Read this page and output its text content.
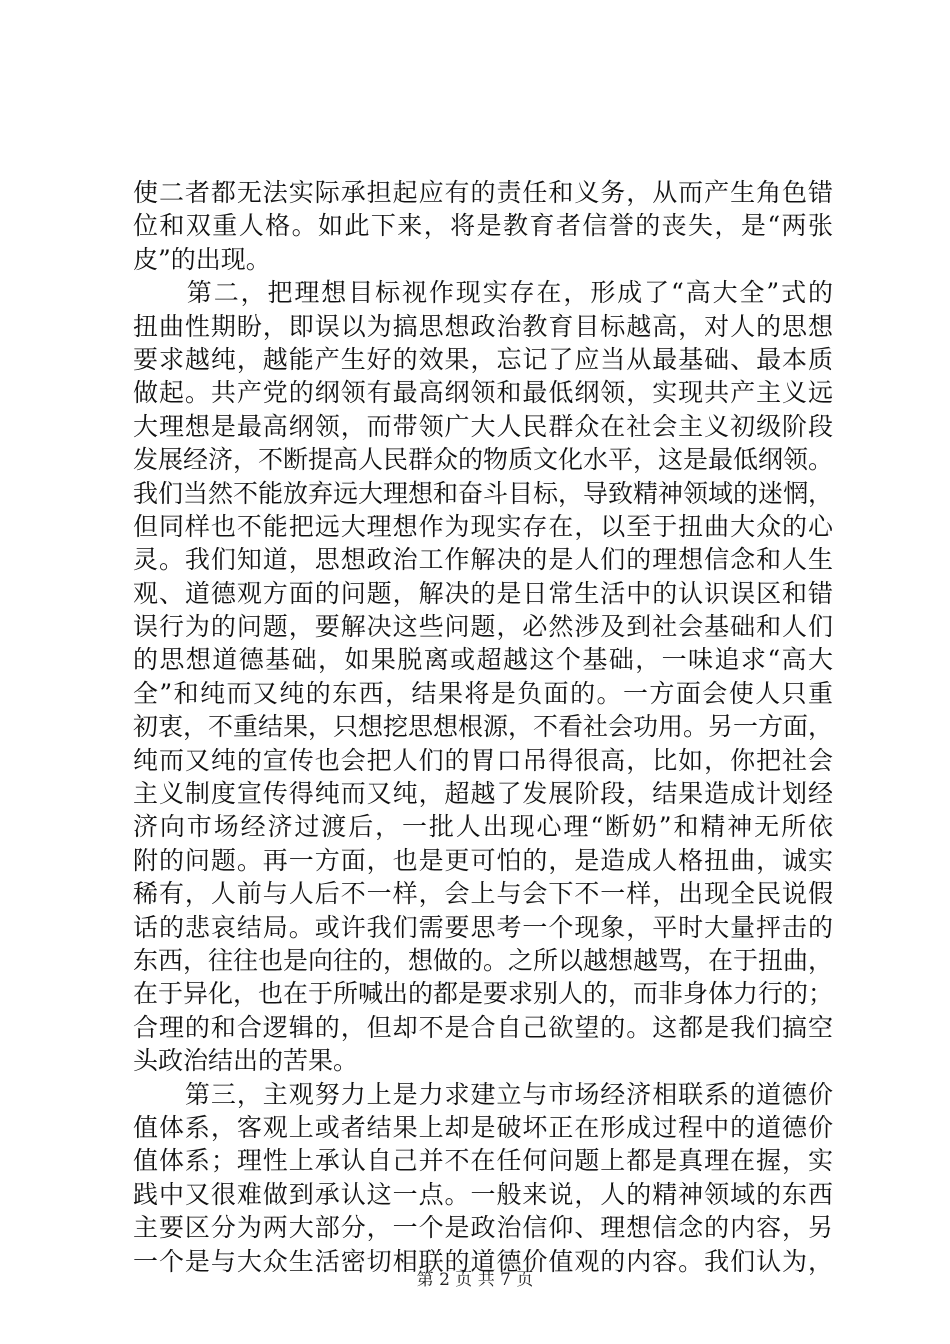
使二者都无法实际承担起应有的责任和义务，从而产生角色错
位和双重人格。如此下来，将是教育者信誉的丧失，是“两张
皮”的出现。
　　第二，把理想目标视作现实存在，形成了“高大全”式的
扭曲性期盼，即误以为搞思想政治教育目标越高，对人的思想
要求越纯，越能产生好的效果，忘记了应当从最基础、最本质
做起。共产党的纲领有最高纲领和最低纲领，实现共产主义远
大理想是最高纲领，而带领广大人民群众在社会主义初级阶段
发展经济，不断提高人民群众的物质文化水平，这是最低纲领。
我们当然不能放弃远大理想和奋斗目标，导致精神领域的迷惘，
但同样也不能把远大理想作为现实存在，以至于扭曲大众的心
灵。我们知道，思想政治工作解决的是人们的理想信念和人生
观、道德观方面的问题，解决的是日常生活中的认识误区和错
误行为的问题，要解决这些问题，必然涉及到社会基础和人们
的思想道德基础，如果脱离或超越这个基础，一味追求“高大
全”和纯而又纯的东西，结果将是负面的。一方面会使人只重
初衷，不重结果，只想挖思想根源，不看社会功用。另一方面，
纯而又纯的宣传也会把人们的胃口吊得很高，比如，你把社会
主义制度宣传得纯而又纯，超越了发展阶段，结果造成计划经
济向市场经济过渡后，一批人出现心理“断奶”和精神无所依
附的问题。再一方面，也是更可怕的，是造成人格扭曲，诚实
稀有，人前与人后不一样，会上与会下不一样，出现全民说假
话的悲哀结局。或许我们需要思考一个现象，平时大量抨击的
东西，往往也是向往的，想做的。之所以越想越骂，在于扭曲，
在于异化，也在于所喊出的都是要求别人的，而非身体力行的；
合理的和合逻辑的，但却不是合自己欲望的。这都是我们搞空
头政治结出的苦果。
　　第三，主观努力上是力求建立与市场经济相联系的道德价
值体系，客观上或者结果上却是破坏正在形成过程中的道德价
值体系；理性上承认自己并不在任何问题上都是真理在握，实
践中又很难做到承认这一点。一般来说，人的精神领域的东西
主要区分为两大部分，一个是政治信仰、理想信念的内容，另
一个是与大众生活密切相联的道德价值观的内容。我们认为，
第 2 页 共 7 页
